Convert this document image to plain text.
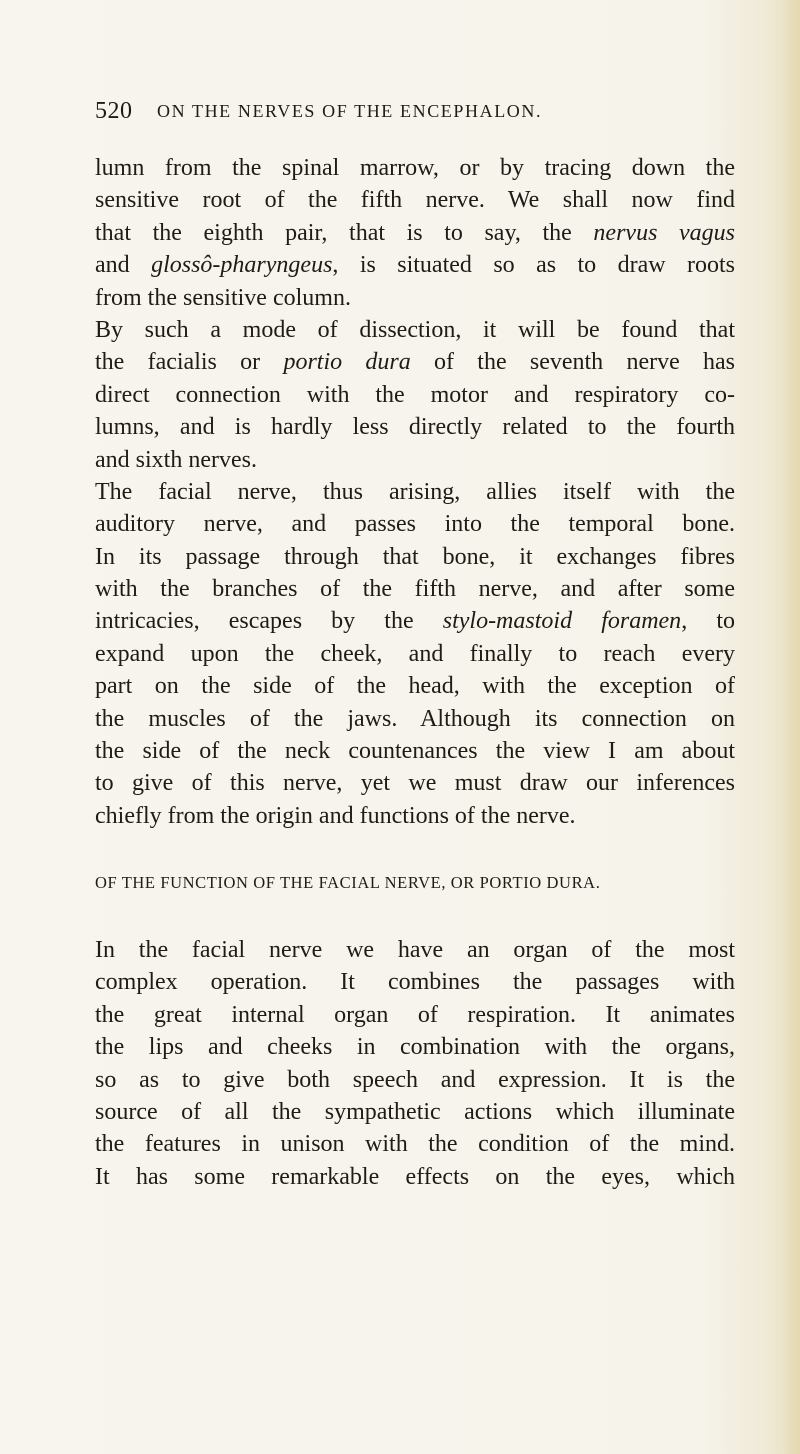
520 ON THE NERVES OF THE ENCEPHALON.
lumn from the spinal marrow, or by tracing down the
sensitive root of the fifth nerve. We shall now find
that the eighth pair, that is to say, the nervus vagus
and glossô-pharyngeus, is situated so as to draw roots
from the sensitive column.
By such a mode of dissection, it will be found that
the facialis or portio dura of the seventh nerve has
direct connection with the motor and respiratory co-
lumns, and is hardly less directly related to the fourth
and sixth nerves.
The facial nerve, thus arising, allies itself with the
auditory nerve, and passes into the temporal bone.
In its passage through that bone, it exchanges fibres
with the branches of the fifth nerve, and after some
intricacies, escapes by the stylo-mastoid foramen, to
expand upon the cheek, and finally to reach every
part on the side of the head, with the exception of
the muscles of the jaws. Although its connection on
the side of the neck countenances the view I am about
to give of this nerve, yet we must draw our inferences
chiefly from the origin and functions of the nerve.
OF THE FUNCTION OF THE FACIAL NERVE, OR PORTIO DURA.
In the facial nerve we have an organ of the most
complex operation. It combines the passages with
the great internal organ of respiration. It animates
the lips and cheeks in combination with the organs,
so as to give both speech and expression. It is the
source of all the sympathetic actions which illuminate
the features in unison with the condition of the mind.
It has some remarkable effects on the eyes, which
